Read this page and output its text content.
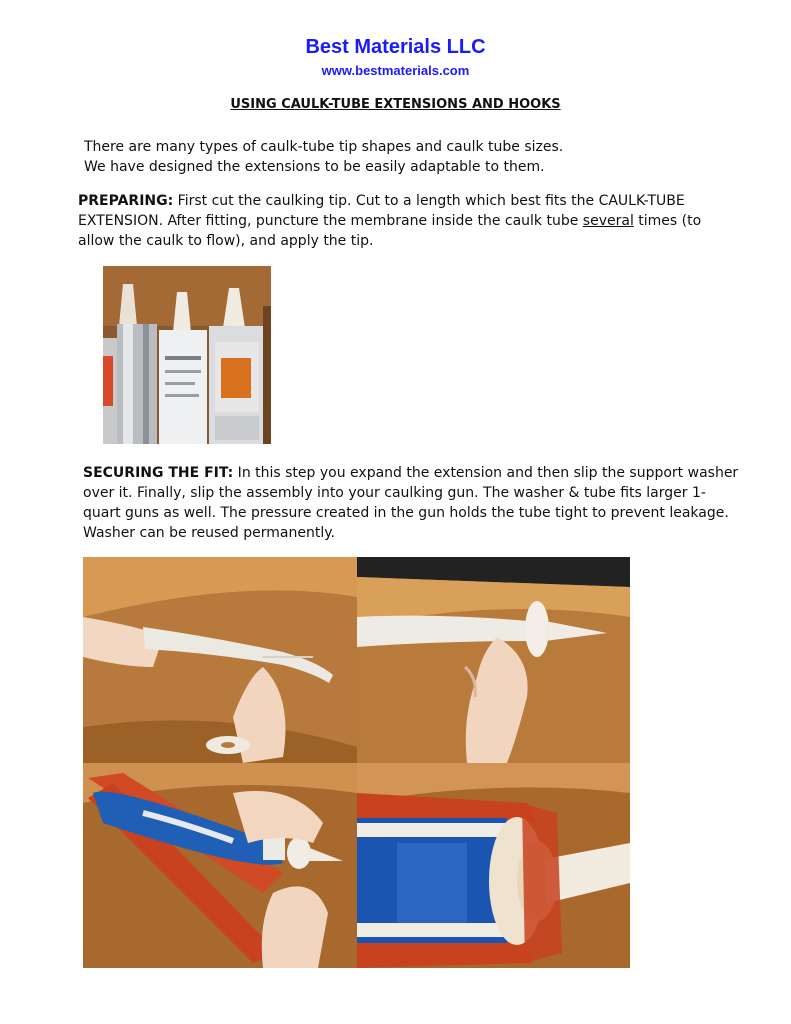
Best Materials LLC
www.bestmaterials.com
USING CAULK-TUBE EXTENSIONS AND HOOKS
There are many types of caulk-tube tip shapes and caulk tube sizes.
We have designed the extensions to be easily adaptable to them.
PREPARING: First cut the caulking tip. Cut to a length which best fits the CAULK-TUBE EXTENSION. After fitting, puncture the membrane inside the caulk tube several times (to allow the caulk to flow), and apply the tip.
SECURING THE FIT: In this step you expand the extension and then slip the support washer over it. Finally, slip the assembly into your caulking gun. The washer & tube fits larger 1-quart guns as well. The pressure created in the gun holds the tube tight to prevent leakage. Washer can be reused permanently.
